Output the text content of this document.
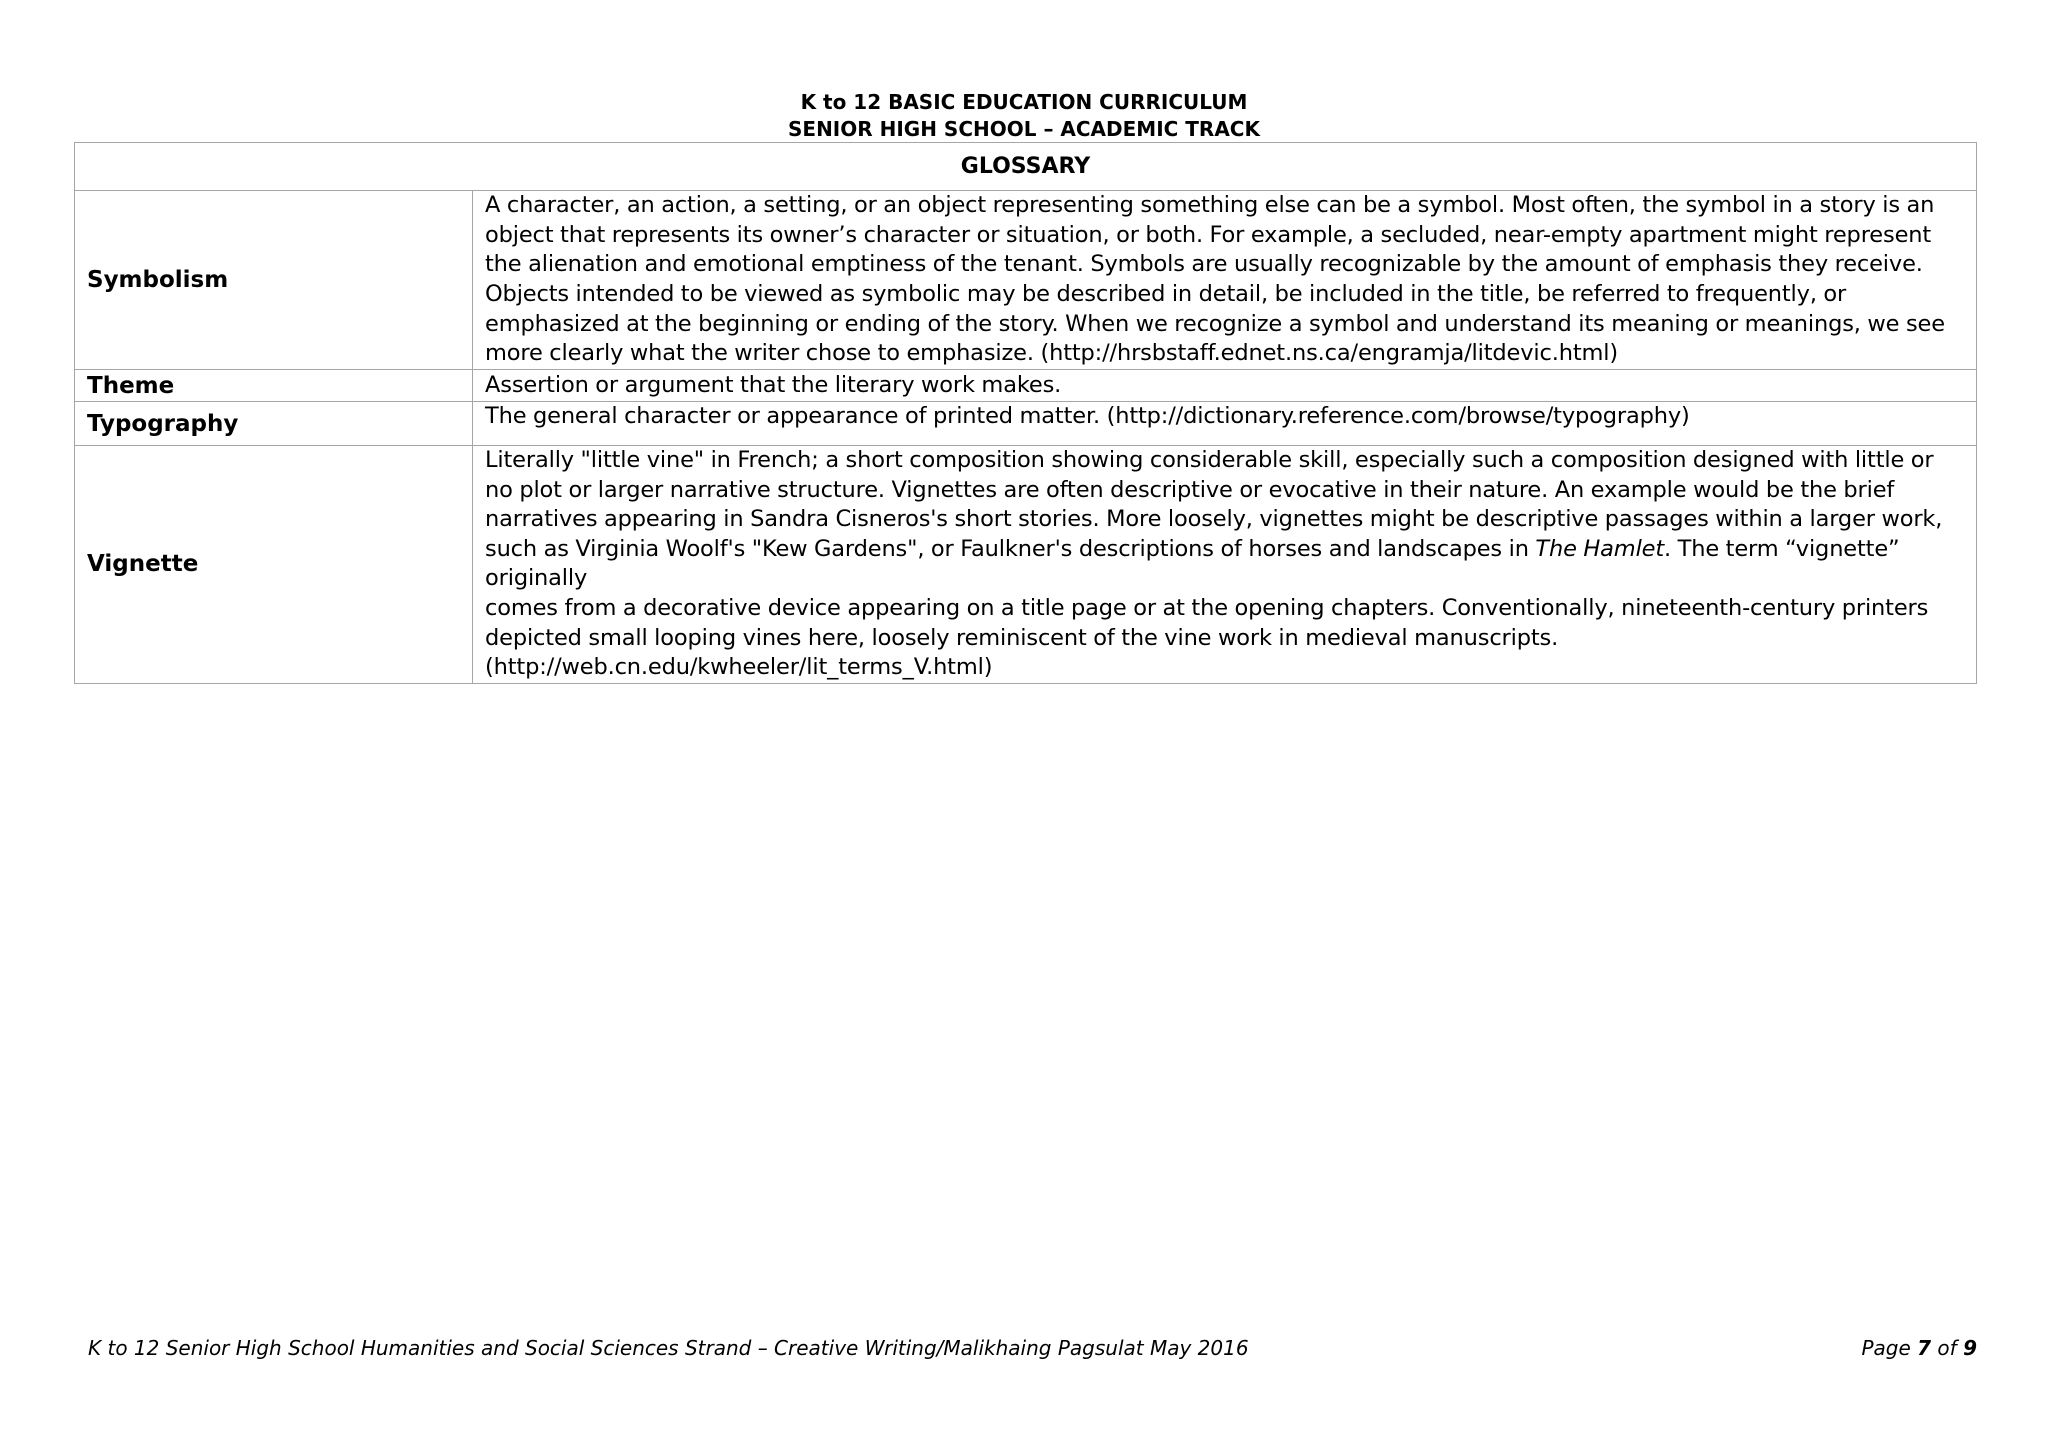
K to 12 BASIC EDUCATION CURRICULUM
SENIOR HIGH SCHOOL – ACADEMIC TRACK
GLOSSARY	
Symbolism	A character, an action, a setting, or an object representing something else can be a symbol. Most often, the symbol in a story is an object that represents its owner’s character or situation, or both. For example, a secluded, near-empty apartment might represent the alienation and emotional emptiness of the tenant. Symbols are usually recognizable by the amount of emphasis they receive. Objects intended to be viewed as symbolic may be described in detail, be included in the title, be referred to frequently, or emphasized at the beginning or ending of the story. When we recognize a symbol and understand its meaning or meanings, we see more clearly what the writer chose to emphasize. (http://hrsbstaff.ednet.ns.ca/engramja/litdevic.html)
Theme	Assertion or argument that the literary work makes.
Typography	The general character or appearance of printed matter. (http://dictionary.reference.com/browse/typography)
Vignette	Literally "little vine" in French; a short composition showing considerable skill, especially such a composition designed with little or no plot or larger narrative structure. Vignettes are often descriptive or evocative in their nature. An example would be the brief narratives appearing in Sandra Cisneros's short stories. More loosely, vignettes might be descriptive passages within a larger work, such as Virginia Woolf's "Kew Gardens", or Faulkner's descriptions of horses and landscapes in The Hamlet. The term “vignette” originally

comes from a decorative device appearing on a title page or at the opening chapters. Conventionally, nineteenth-century printers depicted small looping vines here, loosely reminiscent of the vine work in medieval manuscripts.

(http://web.cn.edu/kwheeler/lit_terms_V.html)

K to 12 Senior High School Humanities and Social Sciences Strand – Creative Writing/Malikhaing Pagsulat May 2016	Page 7 of 9
